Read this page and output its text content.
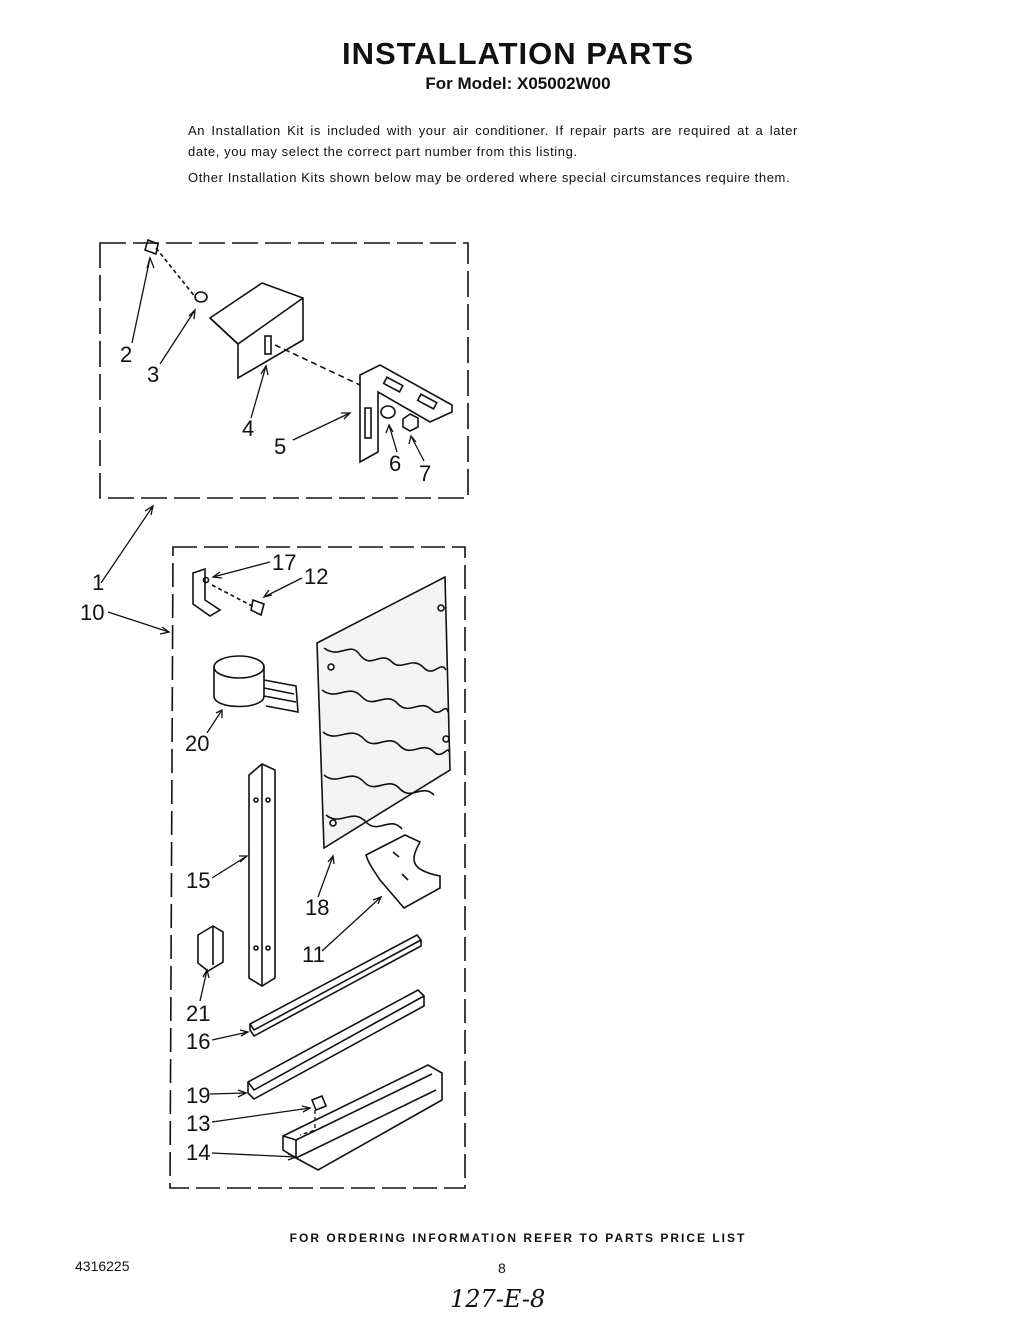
INSTALLATION PARTS
For Model: X05002W00
An Installation Kit is included with your air conditioner. If repair parts are required at a later date, you may select the correct part number from this listing.
Other Installation Kits shown below may be ordered where special circumstances require them.
2
3
4
5
6 7
1
10
17
12
20
15
18
11
21
16
19
13
14
FOR ORDERING INFORMATION REFER TO PARTS PRICE LIST
4316225	8
127-E-8
